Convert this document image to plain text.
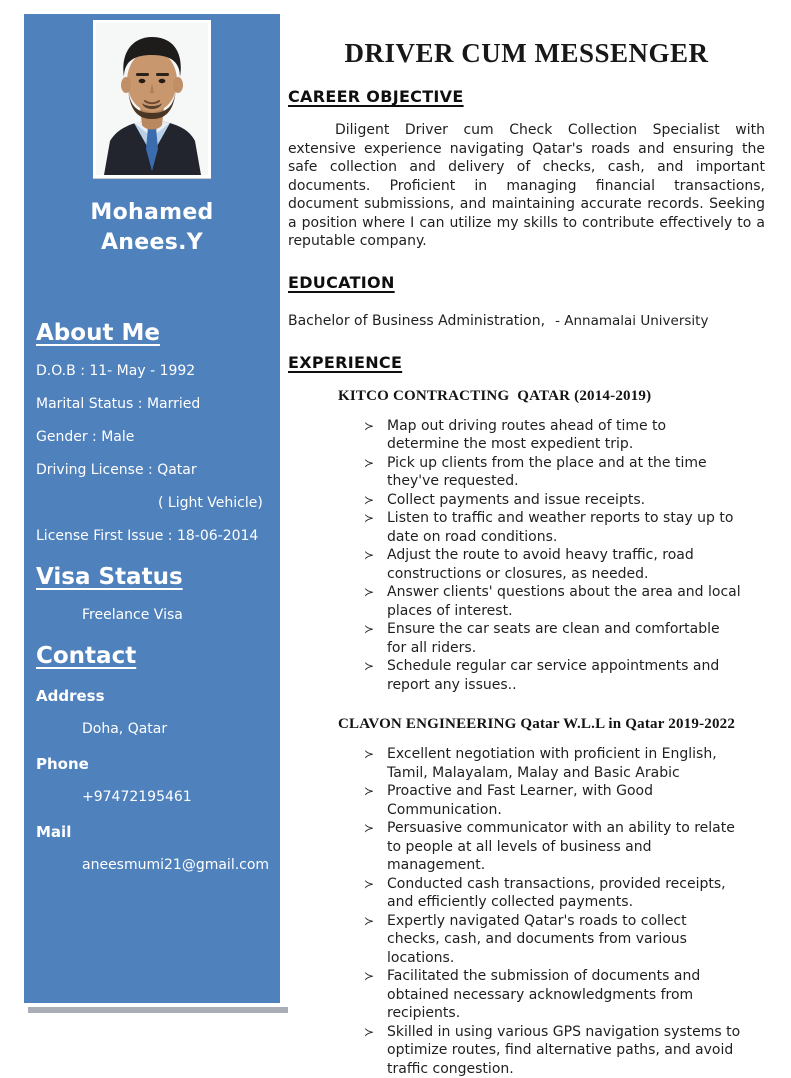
Mohamed
Anees.Y
About Me
D.O.B : 11- May - 1992
Marital Status : Married
Gender : Male
Driving License : Qatar
( Light Vehicle)
License First Issue : 18-06-2014
Visa Status
Freelance Visa
Contact
Address
Doha, Qatar
Phone
+97472195461
Mail
aneesmumi21@gmail.com
DRIVER CUM MESSENGER
CAREER OBJECTIVE

Diligent Driver cum Check Collection Specialist with extensive experience navigating Qatar's roads and ensuring the safe collection and delivery of checks, cash, and important documents. Proficient in managing financial transactions, document submissions, and maintaining accurate records. Seeking a position where I can utilize my skills to contribute effectively to a reputable company.

EDUCATION

Bachelor of Business Administration, - Annamalai University

EXPERIENCE
KITCO CONTRACTING  QATAR (2014-2019)
≻ Map out driving routes ahead of time to determine the most expedient trip.
≻ Pick up clients from the place and at the time they've requested.
≻ Collect payments and issue receipts.
≻ Listen to traffic and weather reports to stay up to date on road conditions.
≻ Adjust the route to avoid heavy traffic, road constructions or closures, as needed.
≻ Answer clients' questions about the area and local places of interest.
≻ Ensure the car seats are clean and comfortable for all riders.
≻ Schedule regular car service appointments and report any issues..
CLAVON ENGINEERING Qatar W.L.L in Qatar 2019-2022
≻ Excellent negotiation with proficient in English, Tamil, Malayalam, Malay and Basic Arabic
≻ Proactive and Fast Learner, with Good Communication.
≻ Persuasive communicator with an ability to relate to people at all levels of business and management.
≻ Conducted cash transactions, provided receipts, and efficiently collected payments.
≻ Expertly navigated Qatar's roads to collect checks, cash, and documents from various locations.
≻ Facilitated the submission of documents and obtained necessary acknowledgments from recipients.
≻ Skilled in using various GPS navigation systems to optimize routes, find alternative paths, and avoid traffic congestion.
